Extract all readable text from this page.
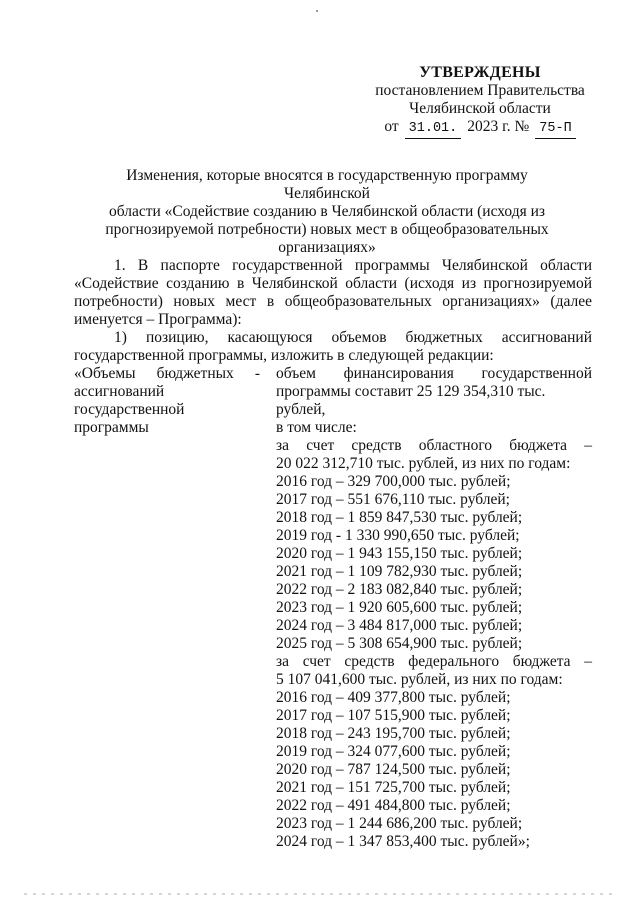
УТВЕРЖДЕНЫ
постановлением Правительства
Челябинской области
от 31.01. 2023 г. № 75-П
Изменения, которые вносятся в государственную программу Челябинской
области «Содействие созданию в Челябинской области (исходя из
прогнозируемой потребности) новых мест в общеобразовательных
организациях»
1. В паспорте государственной программы Челябинской области
«Содействие созданию в Челябинской области (исходя из прогнозируемой
потребности) новых мест в общеобразовательных организациях» (далее
именуется – Программа):
1) позицию, касающуюся объемов бюджетных ассигнований
государственной программы, изложить в следующей редакции:
«Объемы бюджетных -
ассигнований
государственной
программы
объем финансирования государственной
программы составит 25 129 354,310 тыс. рублей,
в том числе:
за счет средств областного бюджета –
20 022 312,710 тыс. рублей, из них по годам:
2016 год – 329 700,000 тыс. рублей;
2017 год – 551 676,110 тыс. рублей;
2018 год – 1 859 847,530 тыс. рублей;
2019 год - 1 330 990,650 тыс. рублей;
2020 год – 1 943 155,150 тыс. рублей;
2021 год – 1 109 782,930 тыс. рублей;
2022 год – 2 183 082,840 тыс. рублей;
2023 год – 1 920 605,600 тыс. рублей;
2024 год – 3 484 817,000 тыс. рублей;
2025 год – 5 308 654,900 тыс. рублей;
за счет средств федерального бюджета –
5 107 041,600 тыс. рублей, из них по годам:
2016 год – 409 377,800 тыс. рублей;
2017 год – 107 515,900 тыс. рублей;
2018 год – 243 195,700 тыс. рублей;
2019 год – 324 077,600 тыс. рублей;
2020 год – 787 124,500 тыс. рублей;
2021 год – 151 725,700 тыс. рублей;
2022 год – 491 484,800 тыс. рублей;
2023 год – 1 244 686,200 тыс. рублей;
2024 год – 1 347 853,400 тыс. рублей»;
